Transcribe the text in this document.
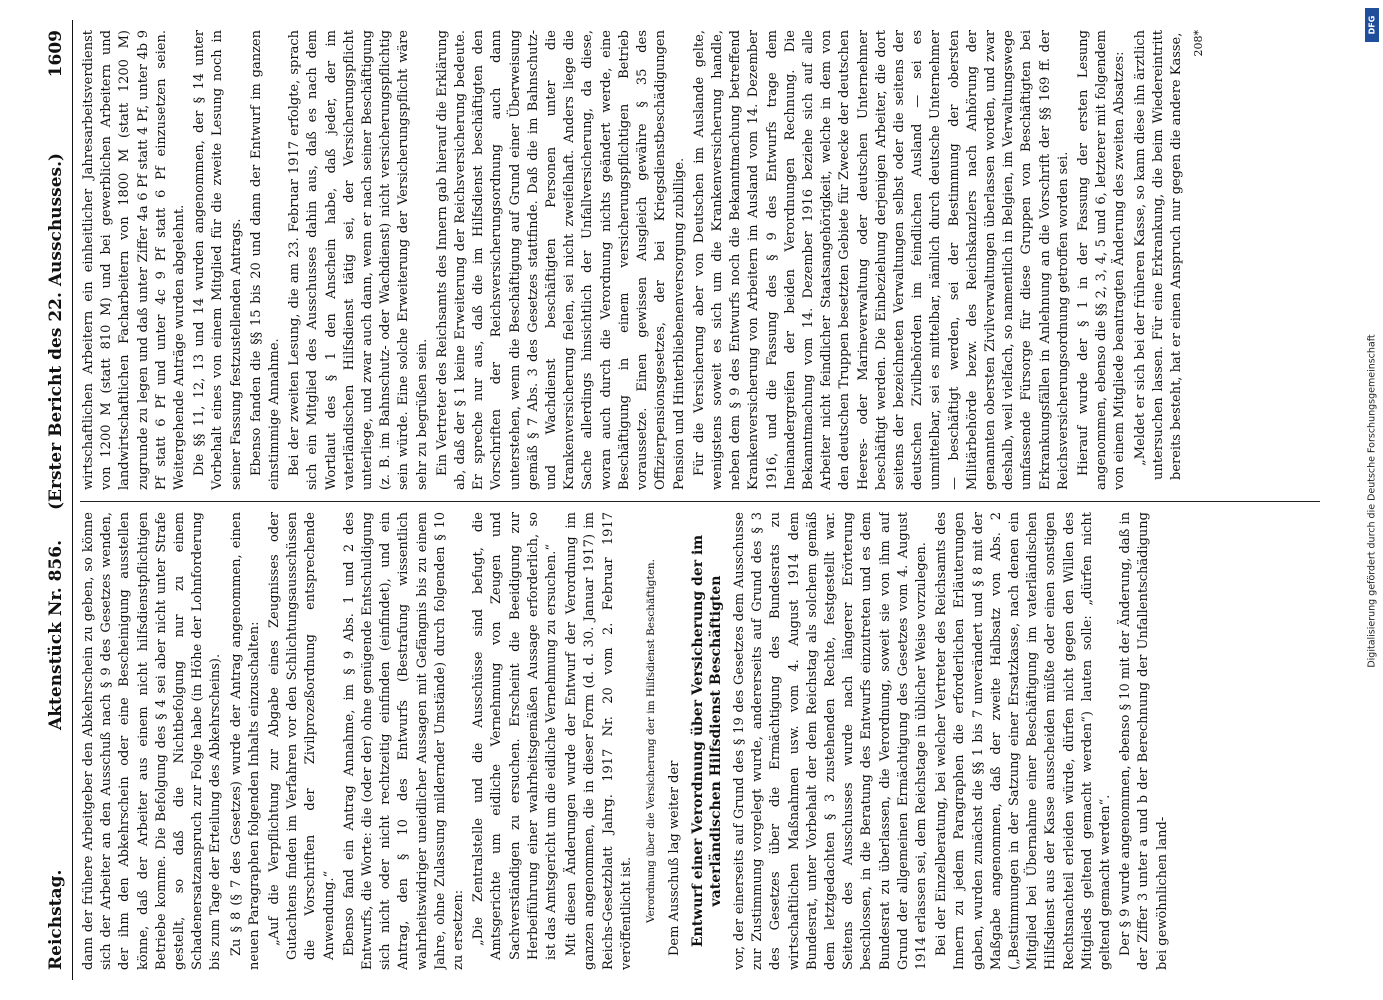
Reichstag.
Aktenstück Nr. 856.
(Erster Bericht des 22. Ausschusses.)
1609

dann der frühere Arbeitgeber den Abkehrschein zu geben, so könne sich der Arbeiter an den Ausschuß nach § 9 des Gesetzes wenden, der ihm den Abkehrschein oder eine Bescheinigung ausstellen könne, daß der Arbeiter aus einem nicht hilfsdienstpflichtigen Betriebe komme. Die Befolgung des § 4 sei aber nicht unter Strafe gestellt, so daß die Nichtbefolgung nur zu einem Schadenersatzanspruch zur Folge habe (in Höhe der Lohnforderung bis zum Tage der Erteilung des Abkehrscheins). Zu § 8 (§ 7 des Gesetzes) wurde der Antrag angenommen, einen neuen Paragraphen folgenden Inhalts einzuschalten: „Auf die Verpflichtung zur Abgabe eines Zeugnisses oder Gutachtens finden im Verfahren vor den Schlichtungsausschüssen die Vorschriften der Zivilprozeßordnung entsprechende Anwendung.“ Ebenso fand ein Antrag Annahme, im § 9 Abs. 1 und 2 des Entwurfs, die Worte: die (oder der) ohne genügende Entschuldigung sich nicht oder nicht rechtzeitig einfinden (einfindet), und ein Antrag, den § 10 des Entwurfs (Bestrafung wissentlich wahrheitswidriger uneidlicher Aussagen mit Gefängnis bis zu einem Jahre, ohne Zulassung mildernder Umstände) durch folgenden § 10 zu ersetzen: „Die Zentralstelle und die Ausschüsse sind befugt, die Amtsgerichte um eidliche Vernehmung von Zeugen und Sachverständigen zu ersuchen. Erscheint die Beeidigung zur Herbeiführung einer wahrheitsgemäßen Aussage erforderlich, so ist das Amtsgericht um die eidliche Vernehmung zu ersuchen.“ Mit diesen Änderungen wurde der Entwurf der Verordnung im ganzen angenommen, die in dieser Form (d. d. 30. Januar 1917) im Reichs-Gesetzblatt Jahrg. 1917 Nr. 20 vom 2. Februar 1917 veröffentlicht ist. Verordnung über die Versicherung der im Hilfsdienst Beschäftigten. Dem Ausschuß lag weiter der Entwurf einer Verordnung über Versicherung der im vaterländischen Hilfsdienst Beschäftigten vor, der einerseits auf Grund des § 19 des Gesetzes dem Ausschusse zur Zustimmung vorgelegt wurde, andererseits auf Grund des § 3 des Gesetzes über die Ermächtigung des Bundesrats zu wirtschaftlichen Maßnahmen usw. vom 4. August 1914 dem Bundesrat, unter Vorbehalt der dem Reichstag als solchem gemäß dem letztgedachten § 3 zustehenden Rechte, festgestellt war. Seitens des Ausschusses wurde nach längerer Erörterung beschlossen, in die Beratung des Entwurfs einzutreten und es dem Bundesrat zu überlassen, die Verordnung, soweit sie von ihm auf Grund der allgemeinen Ermächtigung des Gesetzes vom 4. August 1914 erlassen sei, dem Reichstage in üblicher Weise vorzulegen. Bei der Einzelberatung, bei welcher Vertreter des Reichsamts des Innern zu jedem Paragraphen die erforderlichen Erläuterungen gaben, wurden zunächst die §§ 1 bis 7 unverändert und § 8 mit der Maßgabe angenommen, daß der zweite Halbsatz von Abs. 2 („Bestimmungen in der Satzung einer Ersatzkasse, nach denen ein Mitglied bei Übernahme einer Beschäftigung im vaterländischen Hilfsdienst aus der Kasse ausscheiden müßte oder einen sonstigen Rechtsnachteil erleiden würde, dürfen nicht gegen den Willen des Mitglieds geltend gemacht werden“) lauten solle: „dürfen nicht geltend gemacht werden“. Der § 9 wurde angenommen, ebenso § 10 mit der Änderung, daß in der Ziffer 3 unter a und b der Berechnung der Unfallentschädigung bei gewöhnlichen land-

wirtschaftlichen Arbeitern ein einheitlicher Jahresarbeitsverdienst von 1200 M (statt 810 M) und bei gewerblichen Arbeitern und landwirtschaftlichen Facharbeitern von 1800 M (statt 1200 M) zugrunde zu legen und daß unter Ziffer 4a 6 Pf statt 4 Pf, unter 4b 9 Pf statt 6 Pf und unter 4c 9 Pf statt 6 Pf einzusetzen seien. Weitergehende Anträge wurden abgelehnt. Die §§ 11, 12, 13 und 14 wurden angenommen, der § 14 unter Vorbehalt eines von einem Mitglied für die zweite Lesung noch in seiner Fassung festzustellenden Antrags. Ebenso fanden die §§ 15 bis 20 und dann der Entwurf im ganzen einstimmige Annahme. Bei der zweiten Lesung, die am 23. Februar 1917 erfolgte, sprach sich ein Mitglied des Ausschusses dahin aus, daß es nach dem Wortlaut des § 1 den Anschein habe, daß jeder, der im vaterländischen Hilfsdienst tätig sei, der Versicherungspflicht unterliege, und zwar auch dann, wenn er nach seiner Beschäftigung (z. B. im Bahnschutz- oder Wachdienst) nicht versicherungspflichtig sein würde. Eine solche Erweiterung der Versicherungspflicht wäre sehr zu begrüßen sein. Ein Vertreter des Reichsamts des Innern gab hierauf die Erklärung ab, daß der § 1 keine Erweiterung der Reichsversicherung bedeute. Er spreche nur aus, daß die im Hilfsdienst beschäftigten den Vorschriften der Reichsversicherungsordnung auch dann unterstehen, wenn die Beschäftigung auf Grund einer Überweisung gemäß § 7 Abs. 3 des Gesetzes stattfinde. Daß die im Bahnschutz- und Wachdienst beschäftigten Personen unter die Krankenversicherung fielen, sei nicht zweifelhaft. Anders liege die Sache allerdings hinsichtlich der Unfallversicherung, da diese, woran auch durch die Verordnung nichts geändert werde, eine Beschäftigung in einem versicherungspflichtigen Betrieb voraussetze. Einen gewissen Ausgleich gewähre § 35 des Offizierpensionsgesetzes, der bei Kriegsdienstbeschädigungen Pension und Hinterbliebenenversorgung zubillige. Für die Versicherung aber von Deutschen im Auslande gelte, wenigstens soweit es sich um die Krankenversicherung handle, neben dem § 9 des Entwurfs noch die Bekanntmachung betreffend Krankenversicherung von Arbeitern im Ausland vom 14. Dezember 1916, und die Fassung des § 9 des Entwurfs trage dem Ineinandergreifen der beiden Verordnungen Rechnung. Die Bekanntmachung vom 14. Dezember 1916 beziehe sich auf alle Arbeiter nicht feindlicher Staatsangehörigkeit, welche in dem von den deutschen Truppen besetzten Gebiete für Zwecke der deutschen Heeres- oder Marineverwaltung oder deutschen Unternehmer beschäftigt werden. Die Einbeziehung derjenigen Arbeiter, die dort seitens der bezeichneten Verwaltungen selbst oder die seitens der deutschen Zivilbehörden im feindlichen Ausland — sei es unmittelbar, sei es mittelbar, nämlich durch deutsche Unternehmer — beschäftigt werden, sei der Bestimmung der obersten Militärbehörde bezw. des Reichskanzlers nach Anhörung der genannten obersten Zivilverwaltungen überlassen worden, und zwar deshalb, weil vielfach, so namentlich in Belgien, im Verwaltungswege umfassende Fürsorge für diese Gruppen von Beschäftigten bei Erkrankungsfällen in Anlehnung an die Vorschrift der §§ 169 ff. der Reichsversicherungsordnung getroffen worden sei. Hierauf wurde der § 1 in der Fassung der ersten Lesung angenommen, ebenso die §§ 2, 3, 4, 5 und 6, letzterer mit folgendem von einem Mitgliede beantragten Änderung des zweiten Absatzes: „Meldet er sich bei der früheren Kasse, so kann diese ihn ärztlich untersuchen lassen. Für eine Erkrankung, die beim Wiedereintritt bereits besteht, hat er einen Anspruch nur gegen die andere Kasse, 208*
DFG
Digitalisierung gefördert durch die Deutsche Forschungsgemeinschaft
